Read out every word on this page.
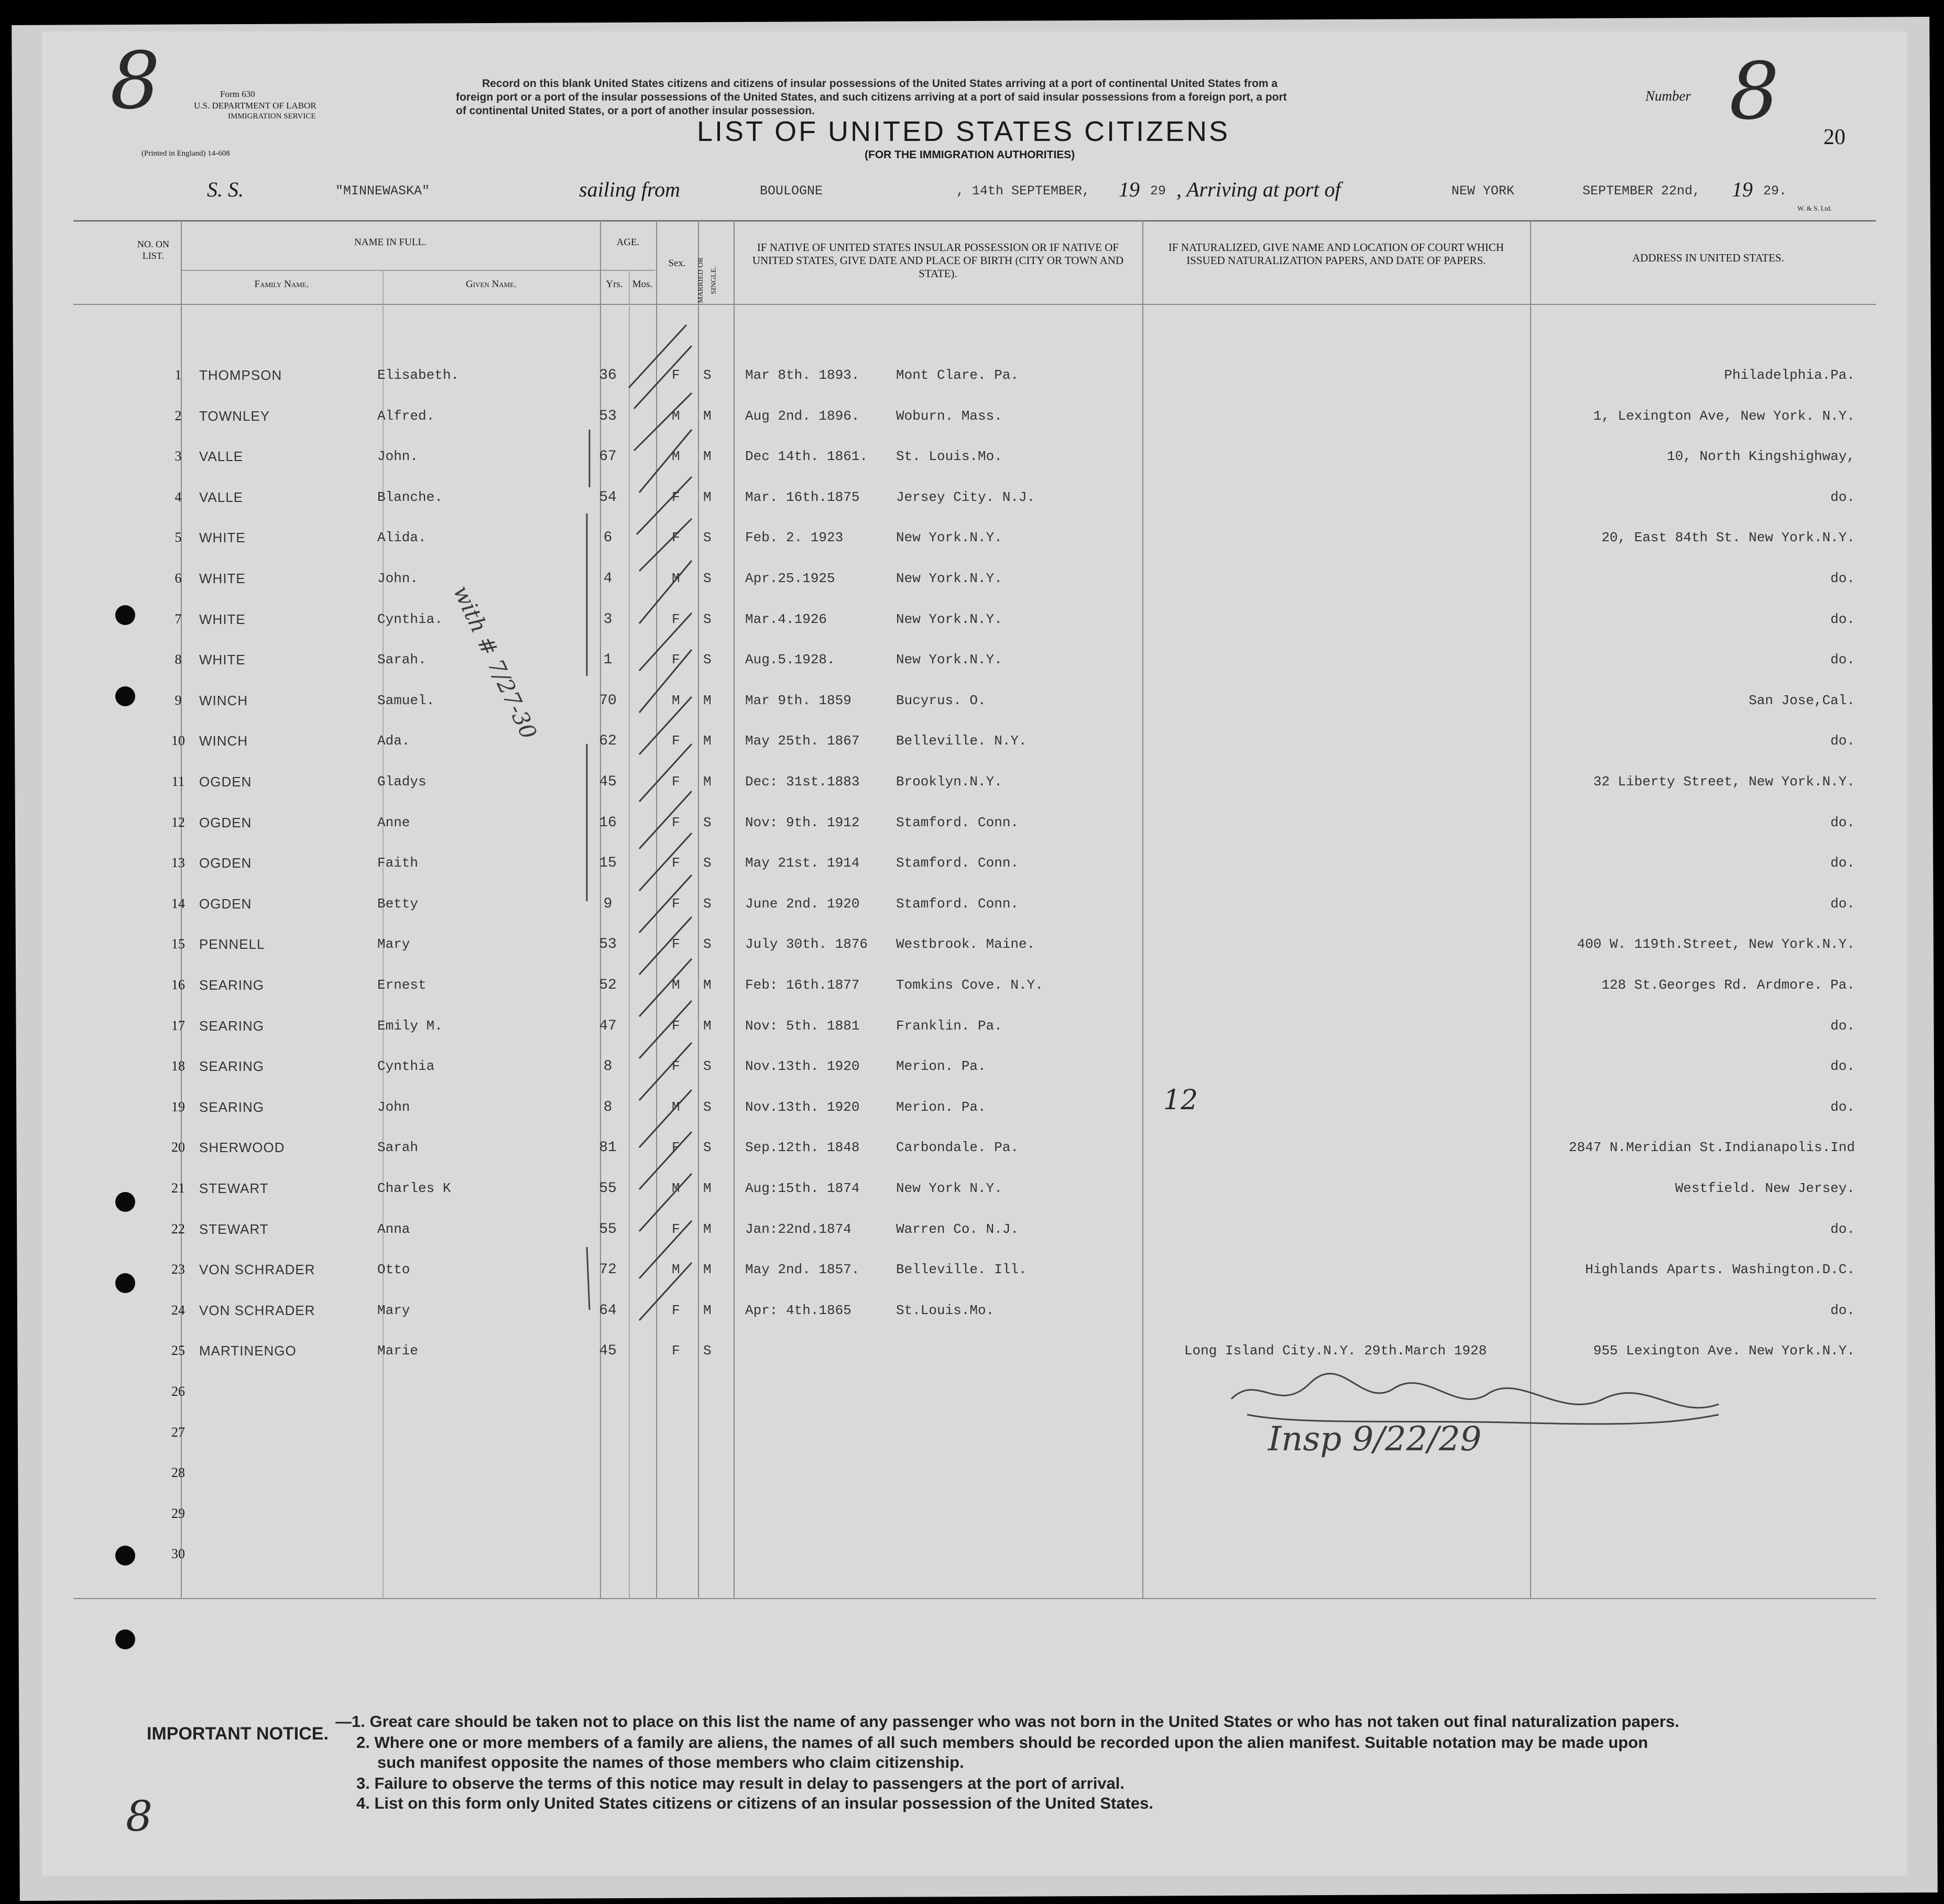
8	Form 630
U.S. DEPARTMENT OF LABOR
IMMIGRATION SERVICE
(Printed in England) 14-608
Record on this blank United States citizens and citizens of insular possessions of the United States arriving at a port of continental United States from a
foreign port or a port of the insular possessions of the United States, and such citizens arriving at a port of said insular possessions from a foreign port, a port
of continental United States, or a port of another insular possession.
LIST OF UNITED STATES CITIZENS
(FOR THE IMMIGRATION AUTHORITIES)
Number 8 20
S. S.	"MINNEWASKA"	sailing from	BOULOGNE	, 14th SEPTEMBER, 19 29 , Arriving at port of	NEW YORK	SEPTEMBER 22nd, 19 29.
W. & S. Ltd.
NO. ON LIST.
NAME IN FULL.
Family Name.	Given Name.
AGE.
Yrs. Mos.
Sex.	MARRIED OR SINGLE.
IF NATIVE OF UNITED STATES INSULAR POSSESSION OR IF NATIVE OF UNITED STATES, GIVE DATE AND PLACE OF BIRTH (CITY OR TOWN AND STATE).
IF NATURALIZED, GIVE NAME AND LOCATION OF COURT WHICH ISSUED NATURALIZATION PAPERS, AND DATE OF PAPERS.	ADDRESS IN UNITED STATES.
1	THOMPSON	Elisabeth.	36	F S Mar 8th. 1893.	Mont Clare. Pa.	Philadelphia.Pa.
2	TOWNLEY	Alfred.	53	M M Aug 2nd. 1896.	Woburn. Mass.	1, Lexington Ave, New York. N.Y.
3	VALLE	John.	67	M M Dec 14th. 1861. St. Louis.Mo.	10, North Kingshighway,
4	VALLE	Blanche.	54	F M Mar. 16th.1875	Jersey City. N.J.	do.
5	WHITE	Alida.	6	F S Feb. 2. 1923	New York.N.Y.	20, East 84th St. New York.N.Y.
6	WHITE	John.	4	M S Apr.25.1925	New York.N.Y.	do.
7	WHITE	Cynthia.	3	F S Mar.4.1926	New York.N.Y.	do.
8	WHITE	Sarah.	1	F S Aug.5.1928.	New York.N.Y.	do.
9	WINCH	Samuel.	70	M M Mar 9th. 1859	Bucyrus. O.	San Jose,Cal.
10	WINCH	Ada.	62	F M May 25th. 1867	Belleville. N.Y.	do.
11	OGDEN	Gladys	45	F M Dec: 31st.1883	Brooklyn.N.Y.	32 Liberty Street, New York.N.Y.
12	OGDEN	Anne	16	F S Nov: 9th. 1912	Stamford. Conn.	do.
13	OGDEN	Faith	15	F S May 21st. 1914	Stamford. Conn.	do.
14	OGDEN	Betty	9	F S June 2nd. 1920	Stamford. Conn.	do.
15	PENNELL	Mary	53	F S July 30th. 1876 Westbrook. Maine.	400 W. 119th.Street, New York.N.Y.
16	SEARING	Ernest	52	M M Feb: 16th.1877	Tomkins Cove. N.Y.	128 St.Georges Rd. Ardmore. Pa.
17	SEARING	Emily M.	47	F M Nov: 5th. 1881	Franklin. Pa.	do.
18	SEARING	Cynthia	8	F S Nov.13th. 1920	Merion. Pa.	do.
19	SEARING	John	8	M S Nov.13th. 1920	Merion. Pa.	do.
20	SHERWOOD	Sarah	81	F S Sep.12th. 1848	Carbondale. Pa.	2847 N.Meridian St.Indianapolis.Ind
21	STEWART	Charles K	55	M M Aug:15th. 1874	New York N.Y.	Westfield. New Jersey.
22	STEWART	Anna	55	F M Jan:22nd.1874	Warren Co. N.J.	do.
23	VON SCHRADER	Otto	72	M M May 2nd. 1857.	Belleville. Ill.	Highlands Aparts. Washington.D.C.
24	VON SCHRADER	Mary	64	F M Apr: 4th.1865	St.Louis.Mo.	do.
25	MARTINENGO	Marie	45	F S	Long Island City.N.Y. 29th.March 1928	955 Lexington Ave. New York.N.Y.
26
27
28
29
30
with # 7/27-30
12
Insp 9/22/29
8
IMPORTANT NOTICE.
—1. Great care should be taken not to place on this list the name of any passenger who was not born in the United States or who has not taken out final naturalization papers.
2. Where one or more members of a family are aliens, the names of all such members should be recorded upon the alien manifest. Suitable notation may be made upon
such manifest opposite the names of those members who claim citizenship.
3. Failure to observe the terms of this notice may result in delay to passengers at the port of arrival.
4. List on this form only United States citizens or citizens of an insular possession of the United States.
